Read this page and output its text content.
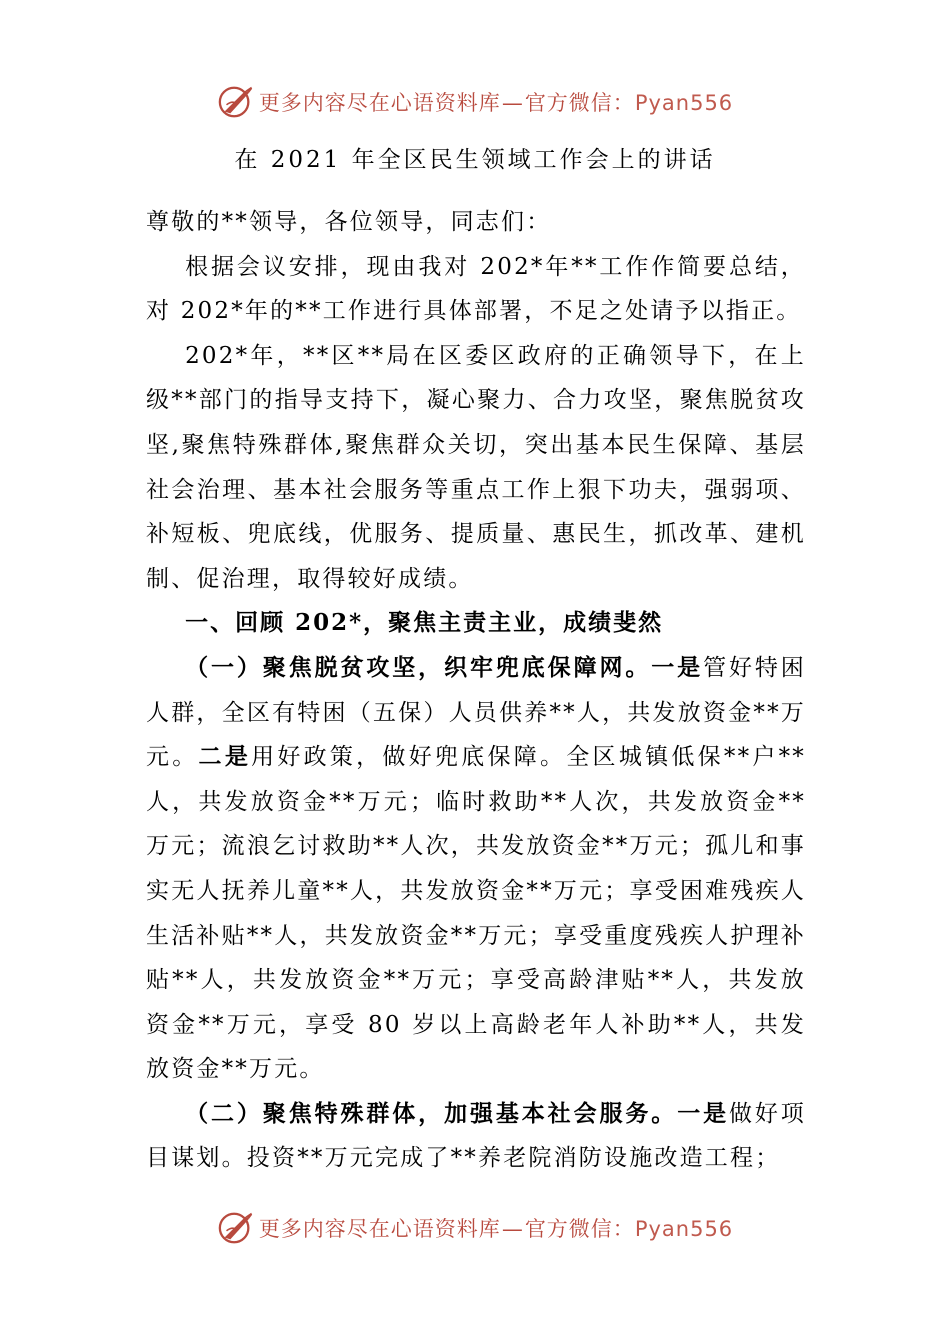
更多内容尽在心语资料库—官方微信：Pyan556
在 2021 年全区民生领域工作会上的讲话

尊敬的**领导，各位领导，同志们：

根据会议安排，现由我对 202*年**工作作简要总结，对 202*年的**工作进行具体部署，不足之处请予以指正。

202*年，**区**局在区委区政府的正确领导下，在上级**部门的指导支持下，凝心聚力、合力攻坚，聚焦脱贫攻坚,聚焦特殊群体,聚焦群众关切，突出基本民生保障、基层社会治理、基本社会服务等重点工作上狠下功夫，强弱项、补短板、兜底线，优服务、提质量、惠民生，抓改革、建机制、促治理，取得较好成绩。

一、回顾 202*，聚焦主责主业，成绩斐然

（一）聚焦脱贫攻坚，织牢兜底保障网。一是管好特困人群，全区有特困（五保）人员供养**人，共发放资金**万元。二是用好政策，做好兜底保障。全区城镇低保**户**人，共发放资金**万元；临时救助**人次，共发放资金**万元；流浪乞讨救助**人次，共发放资金**万元；孤儿和事实无人抚养儿童**人，共发放资金**万元；享受困难残疾人生活补贴**人，共发放资金**万元；享受重度残疾人护理补贴**人，共发放资金**万元；享受高龄津贴**人，共发放资金**万元，享受 80 岁以上高龄老年人补助**人，共发放资金**万元。

（二）聚焦特殊群体，加强基本社会服务。一是做好项目谋划。投资**万元完成了**养老院消防设施改造工程；

更多内容尽在心语资料库—官方微信：Pyan556
